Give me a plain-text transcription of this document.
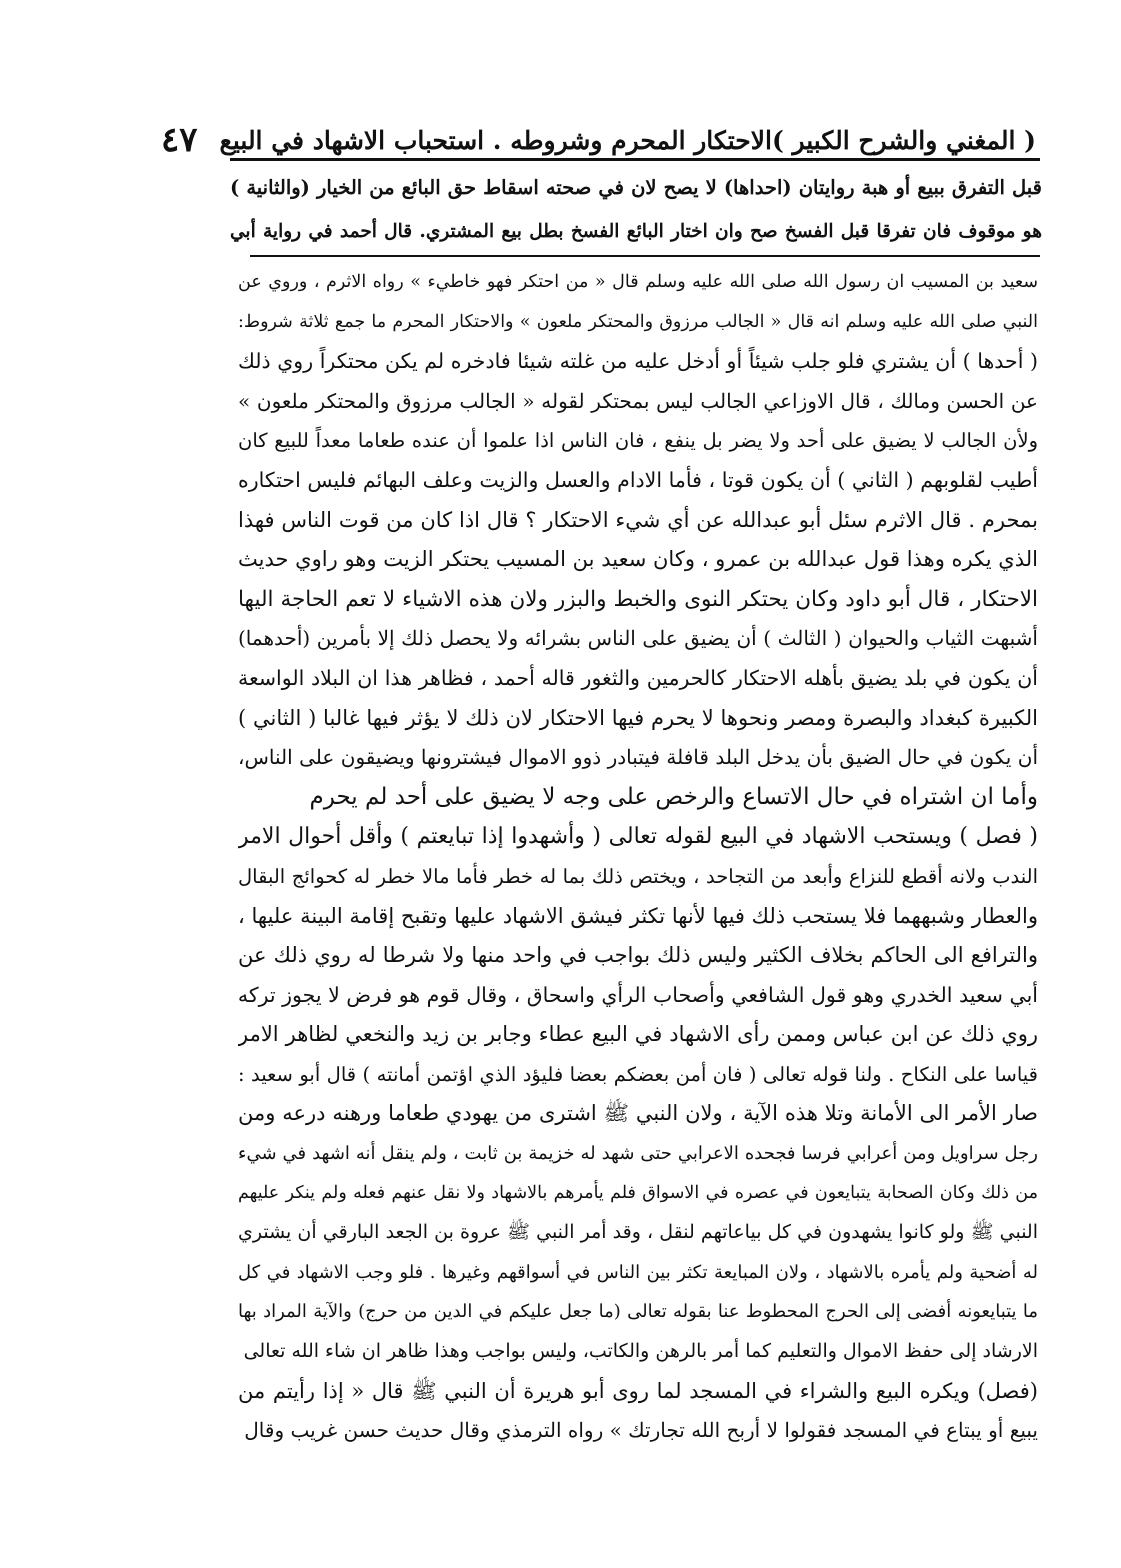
( المغني والشرح الكبير )
الاحتكار المحرم وشروطه . استحباب الاشهاد في البيع
٤٧
قبل التفرق ببيع أو هبة روايتان (احداها) لا يصح لان في صحته اسقاط حق البائع من الخيار (والثانية )
هو موقوف فان تفرقا قبل الفسخ صح وان اختار البائع الفسخ بطل بيع المشتري. قال أحمد في رواية أبي
سعيد بن المسيب ان رسول الله صلى الله عليه وسلم قال « من احتكر فهو خاطيء » رواه الاثرم ، وروي عن
النبي صلى الله عليه وسلم انه قال « الجالب مرزوق والمحتكر ملعون » والاحتكار المحرم ما جمع ثلاثة شروط:
( أحدها ) أن يشتري فلو جلب شيئاً أو أدخل عليه من غلته شيئا فادخره لم يكن محتكراً روي ذلك
عن الحسن ومالك ، قال الاوزاعي الجالب ليس بمحتكر لقوله « الجالب مرزوق والمحتكر ملعون »
ولأن الجالب لا يضيق على أحد ولا يضر بل ينفع ، فان الناس اذا علموا أن عنده طعاما معداً للبيع كان
أطيب لقلوبهم ( الثاني ) أن يكون قوتا ، فأما الادام والعسل والزيت وعلف البهائم فليس احتكاره
بمحرم . قال الاثرم سئل أبو عبدالله عن أي شيء الاحتكار ؟ قال اذا كان من قوت الناس فهذا
الذي يكره وهذا قول عبدالله بن عمرو ، وكان سعيد بن المسيب يحتكر الزيت وهو راوي حديث
الاحتكار ، قال أبو داود وكان يحتكر النوى والخبط والبزر ولان هذه الاشياء لا تعم الحاجة اليها
أشبهت الثياب والحيوان ( الثالث ) أن يضيق على الناس بشرائه ولا يحصل ذلك إلا بأمرين (أحدهما)
أن يكون في بلد يضيق بأهله الاحتكار كالحرمين والثغور قاله أحمد ، فظاهر هذا ان البلاد الواسعة
الكبيرة كبغداد والبصرة ومصر ونحوها لا يحرم فيها الاحتكار لان ذلك لا يؤثر فيها غالبا ( الثاني )
أن يكون في حال الضيق بأن يدخل البلد قافلة فيتبادر ذوو الاموال فيشترونها ويضيقون على الناس،
وأما ان اشتراه في حال الاتساع والرخص على وجه لا يضيق على أحد لم يحرم
( فصل ) ويستحب الاشهاد في البيع لقوله تعالى ( وأشهدوا إذا تبايعتم ) وأقل أحوال الامر
الندب ولانه أقطع للنزاع وأبعد من التجاحد ، ويختص ذلك بما له خطر فأما مالا خطر له كحوائج البقال
والعطار وشبههما فلا يستحب ذلك فيها لأنها تكثر فيشق الاشهاد عليها وتقبح إقامة البينة عليها ،
والترافع الى الحاكم بخلاف الكثير وليس ذلك بواجب في واحد منها ولا شرطا له روي ذلك عن
أبي سعيد الخدري وهو قول الشافعي وأصحاب الرأي واسحاق ، وقال قوم هو فرض لا يجوز تركه
روي ذلك عن ابن عباس وممن رأى الاشهاد في البيع عطاء وجابر بن زيد والنخعي لظاهر الامر
قياسا على النكاح . ولنا قوله تعالى ( فان أمن بعضكم بعضا فليؤد الذي اؤتمن أمانته ) قال أبو سعيد :
صار الأمر الى الأمانة وتلا هذه الآية ، ولان النبي ﷺ اشترى من يهودي طعاما ورهنه درعه ومن
رجل سراويل ومن أعرابي فرسا فجحده الاعرابي حتى شهد له خزيمة بن ثابت ، ولم ينقل أنه اشهد في شيء
من ذلك وكان الصحابة يتبايعون في عصره في الاسواق فلم يأمرهم بالاشهاد ولا نقل عنهم فعله ولم ينكر عليهم
النبي ﷺ ولو كانوا يشهدون في كل بياعاتهم لنقل ، وقد أمر النبي ﷺ عروة بن الجعد البارقي أن يشتري
له أضحية ولم يأمره بالاشهاد ، ولان المبايعة تكثر بين الناس في أسواقهم وغيرها . فلو وجب الاشهاد في كل
ما يتبايعونه أفضى إلى الحرج المحطوط عنا بقوله تعالى (ما جعل عليكم في الدين من حرج) والآية المراد بها
الارشاد إلى حفظ الاموال والتعليم كما أمر بالرهن والكاتب، وليس بواجب وهذا ظاهر ان شاء الله تعالى
(فصل) ويكره البيع والشراء في المسجد لما روى أبو هريرة أن النبي ﷺ قال « إذا رأيتم من
يبيع أو يبتاع في المسجد فقولوا لا أربح الله تجارتك » رواه الترمذي وقال حديث حسن غريب وقال
